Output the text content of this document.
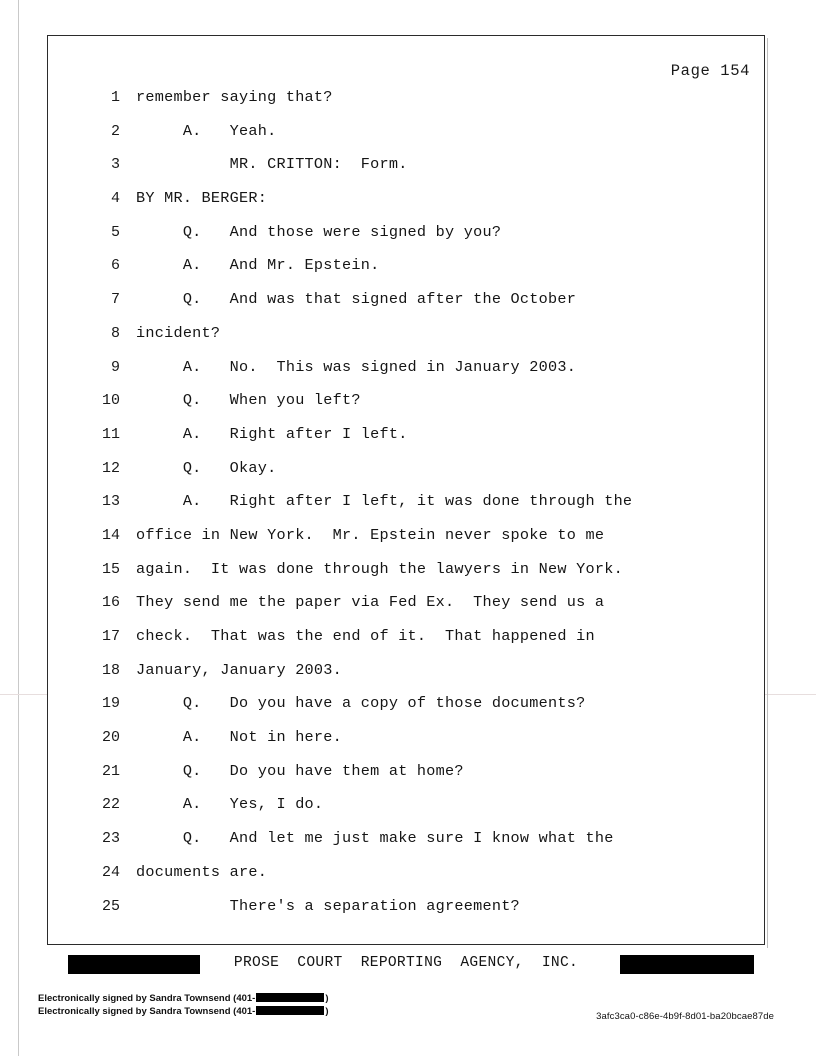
Page 154
1	remember saying that?
2	A.   Yeah.
3	MR. CRITTON:  Form.
4	BY MR. BERGER:
5	Q.   And those were signed by you?
6	A.   And Mr. Epstein.
7	Q.   And was that signed after the October
8	incident?
9	A.   No.  This was signed in January 2003.
10	Q.   When you left?
11	A.   Right after I left.
12	Q.   Okay.
13	A.   Right after I left, it was done through the
14	office in New York.  Mr. Epstein never spoke to me
15	again.  It was done through the lawyers in New York.
16	They send me the paper via Fed Ex.  They send us a
17	check.  That was the end of it.  That happened in
18	January, January 2003.
19	Q.   Do you have a copy of those documents?
20	A.   Not in here.
21	Q.   Do you have them at home?
22	A.   Yes, I do.
23	Q.   And let me just make sure I know what the
24	documents are.
25	There's a separation agreement?
PROSE  COURT  REPORTING  AGENCY,  INC.
Electronically signed by Sandra Townsend (401-	)
Electronically signed by Sandra Townsend (401-	)	3afc3ca0-c86e-4b9f-8d01-ba20bcae87de
